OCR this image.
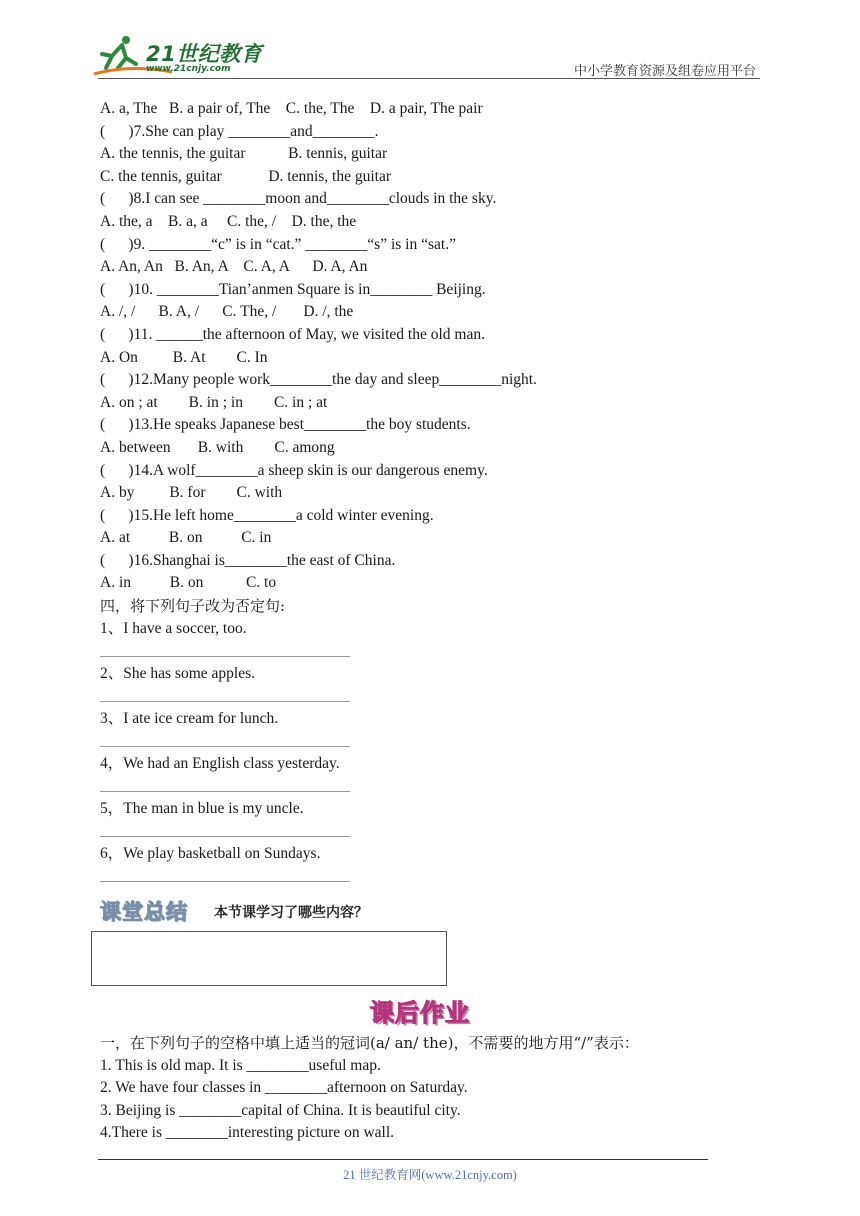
21世纪教育
www.21cnjy.com	中小学教育资源及组卷应用平台
A. a, The   B. a pair of, The    C. the, The    D. a pair, The pair
(      )7.She can play ________and________.
A. the tennis, the guitar           B. tennis, guitar
C. the tennis, guitar            D. tennis, the guitar
(      )8.I can see ________moon and________clouds in the sky.
A. the, a    B. a, a     C. the, /    D. the, the
(      )9. ________“c” is in “cat.” ________“s” is in “sat.”
A. An, An   B. An, A    C. A, A      D. A, An
(      )10. ________Tian’anmen Square is in________ Beijing.
A. /, /      B. A, /      C. The, /       D. /, the
(      )11. ______the afternoon of May, we visited the old man.
A. On         B. At        C. In
(      )12.Many people work________the day and sleep________night.
A. on ; at        B. in ; in        C. in ; at
(      )13.He speaks Japanese best________the boy students.
A. between       B. with        C. among
(      )14.A wolf________a sheep skin is our dangerous enemy.
A. by         B. for        C. with
(      )15.He left home________a cold winter evening.
A. at          B. on          C. in
(      )16.Shanghai is________the east of China.
A. in          B. on           C. to
四，将下列句子改为否定句:
1、I have a soccer, too.
2、She has some apples.
3、I ate ice cream for lunch.
4，We had an English class yesterday.
5，The man in blue is my uncle.
6，We play basketball on Sundays.
课堂总结 本节课学习了哪些内容？
课后作业
一，在下列句子的空格中填上适当的冠词(a/ an/ the)，不需要的地方用“/”表示：
1. This is old map. It is ________useful map.
2. We have four classes in ________afternoon on Saturday.
3. Beijing is ________capital of China. It is beautiful city.
4.There is ________interesting picture on wall.
21 世纪教育网(www.21cnjy.com)
